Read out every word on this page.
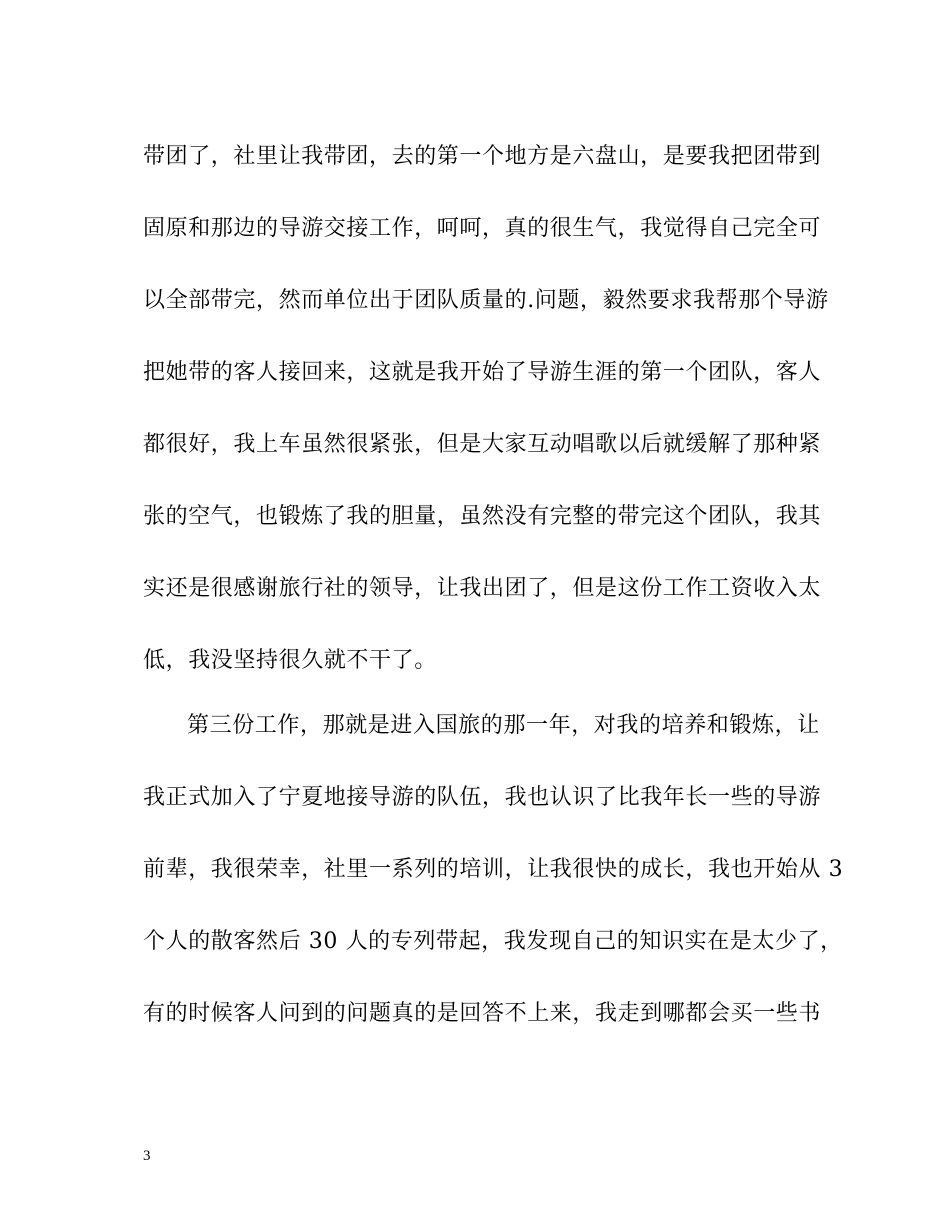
带团了，社里让我带团，去的第一个地方是六盘山，是要我把团带到
固原和那边的导游交接工作，呵呵，真的很生气，我觉得自己完全可
以全部带完，然而单位出于团队质量的.问题，毅然要求我帮那个导游
把她带的客人接回来，这就是我开始了导游生涯的第一个团队，客人
都很好，我上车虽然很紧张，但是大家互动唱歌以后就缓解了那种紧
张的空气，也锻炼了我的胆量，虽然没有完整的带完这个团队，我其
实还是很感谢旅行社的领导，让我出团了，但是这份工作工资收入太
低，我没坚持很久就不干了。
第三份工作，那就是进入国旅的那一年，对我的培养和锻炼，让
我正式加入了宁夏地接导游的队伍，我也认识了比我年长一些的导游
前辈，我很荣幸，社里一系列的培训，让我很快的成长，我也开始从 3
个人的散客然后 30 人的专列带起，我发现自己的知识实在是太少了，
有的时候客人问到的问题真的是回答不上来，我走到哪都会买一些书
3
